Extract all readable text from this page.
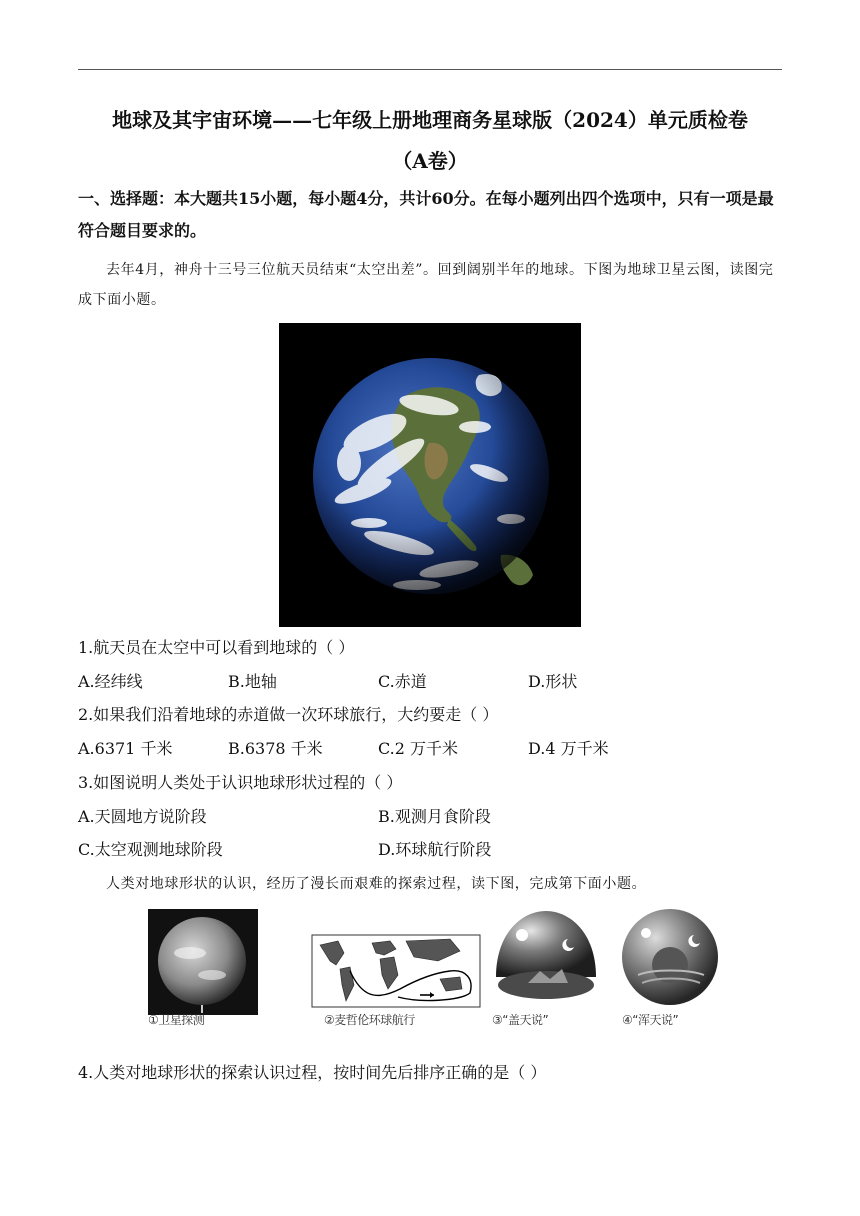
地球及其宇宙环境——七年级上册地理商务星球版（2024）单元质检卷
（A卷）
一、选择题：本大题共15小题，每小题4分，共计60分。在每小题列出四个选项中，只有一项是最符合题目要求的。
去年4月，神舟十三号三位航天员结束“太空出差”。回到阔别半年的地球。下图为地球卫星云图，读图完成下面小题。
1.航天员在太空中可以看到地球的（ ）
A.经纬线	B.地轴	C.赤道	D.形状
2.如果我们沿着地球的赤道做一次环球旅行，大约要走（ ）
A.6371 千米	B.6378 千米	C.2 万千米	D.4 万千米
3.如图说明人类处于认识地球形状过程的（ ）
A.天圆地方说阶段	B.观测月食阶段
C.太空观测地球阶段	D.环球航行阶段
人类对地球形状的认识，经历了漫长而艰难的探索过程，读下图，完成第下面小题。
①卫星探测	②麦哲伦环球航行	③“盖天说”	④“浑天说”
4.人类对地球形状的探索认识过程，按时间先后排序正确的是（ ）
